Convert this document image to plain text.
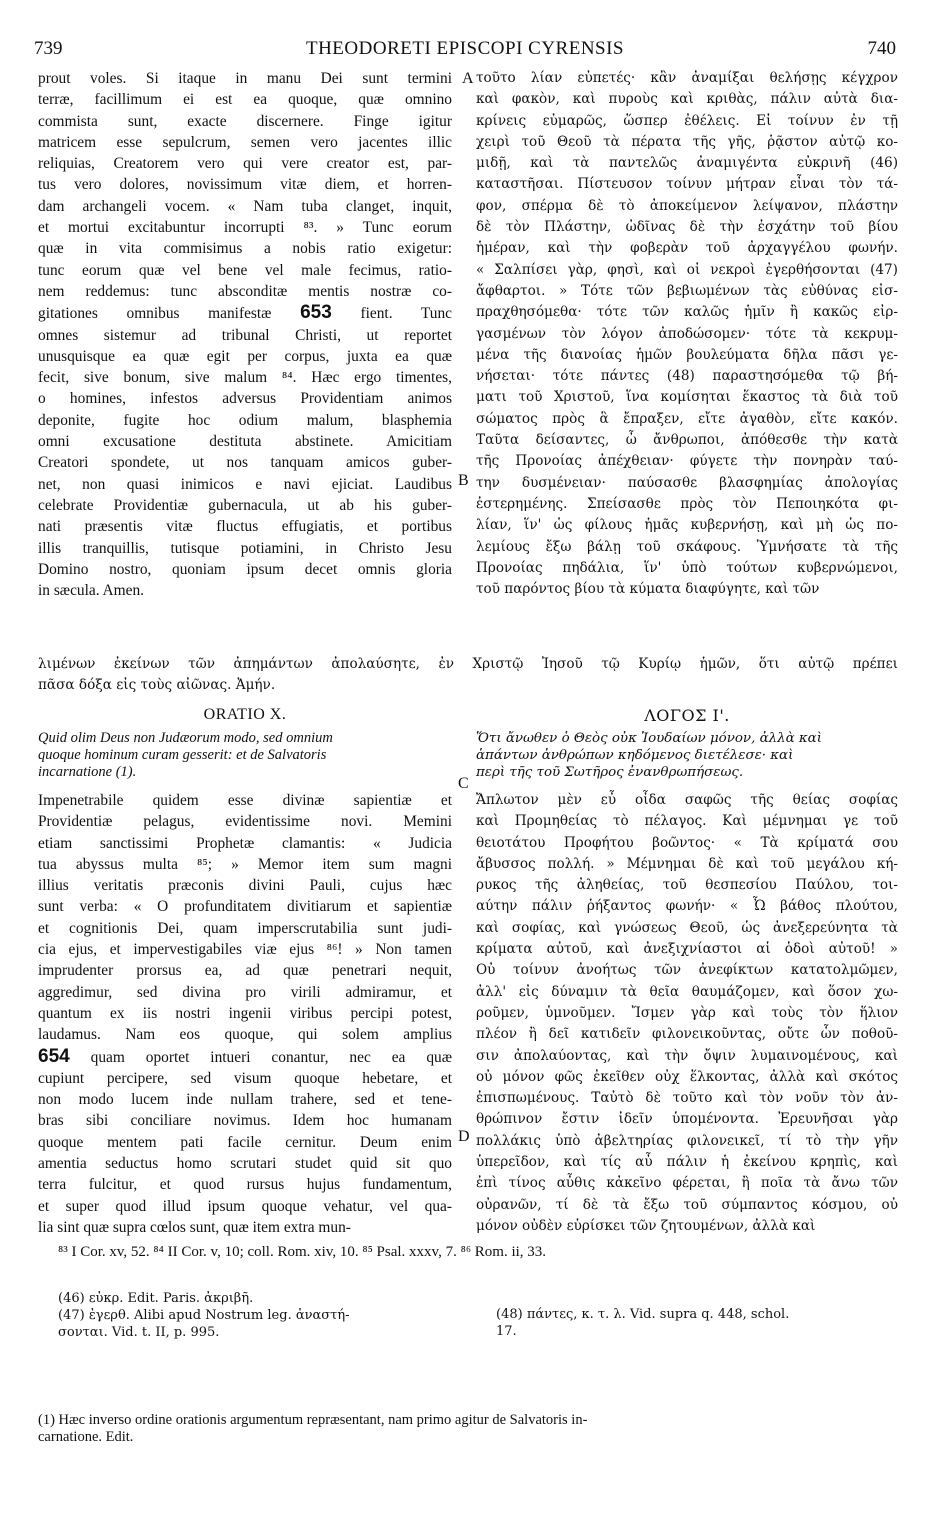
739	THEODORETI EPISCOPI CYRENSIS	740
A
B
C
D
prout voles. Si itaque in manu Dei sunt termini
terræ, facillimum ei est ea quoque, quæ omnino
commista sunt, exacte discernere. Finge igitur
matricem esse sepulcrum, semen vero jacentes illic
reliquias, Creatorem vero qui vere creator est, par-
tus vero dolores, novissimum vitæ diem, et horren-
dam archangeli vocem. « Nam tuba clanget, inquit,
et mortui excitabuntur incorrupti ⁸³. » Tunc eorum
quæ in vita commisimus a nobis ratio exigetur:
tunc eorum quæ vel bene vel male fecimus, ratio-
nem reddemus: tunc absconditæ mentis nostræ co-
gitationes omnibus manifestæ 653 fient. Tunc
omnes sistemur ad tribunal Christi, ut reportet
unusquisque ea quæ egit per corpus, juxta ea quæ
fecit, sive bonum, sive malum ⁸⁴. Hæc ergo timentes,
o homines, infestos adversus Providentiam animos
deponite, fugite hoc odium malum, blasphemia
omni excusatione destituta abstinete. Amicitiam
Creatori spondete, ut nos tanquam amicos guber-
net, non quasi inimicos e navi ejiciat. Laudibus
celebrate Providentiæ gubernacula, ut ab his guber-
nati præsentis vitæ fluctus effugiatis, et portibus
illis tranquillis, tutisque potiamini, in Christo Jesu
Domino nostro, quoniam ipsum decet omnis gloria
in sæcula. Amen.
τοῦτο λίαν εὐπετές· κἂν ἀναμίξαι θελήσῃς κέγχρον
καὶ φακὸν, καὶ πυροὺς καὶ κριθὰς, πάλιν αὐτὰ δια-
κρίνεις εὐμαρῶς, ὥσπερ ἐθέλεις. Εἰ τοίνυν ἐν τῇ
χειρὶ τοῦ Θεοῦ τὰ πέρατα τῆς γῆς, ῥᾷστον αὐτῷ κο-
μιδῇ, καὶ τὰ παντελῶς ἀναμιγέντα εὐκρινῆ (46)
καταστῆσαι. Πίστευσον τοίνυν μήτραν εἶναι τὸν τά-
φον, σπέρμα δὲ τὸ ἀποκείμενον λείψανον, πλάστην
δὲ τὸν Πλάστην, ὠδῖνας δὲ τὴν ἐσχάτην τοῦ βίου
ἡμέραν, καὶ τὴν φοβερὰν τοῦ ἀρχαγγέλου φωνήν.
« Σαλπίσει γὰρ, φησὶ, καὶ οἱ νεκροὶ ἐγερθήσονται (47)
ἄφθαρτοι. » Τότε τῶν βεβιωμένων τὰς εὐθύνας εἰσ-
πραχθησόμεθα· τότε τῶν καλῶς ἡμῖν ἢ κακῶς εἰρ-
γασμένων τὸν λόγον ἀποδώσομεν· τότε τὰ κεκρυμ-
μένα τῆς διανοίας ἡμῶν βουλεύματα δῆλα πᾶσι γε-
νήσεται· τότε πάντες (48) παραστησόμεθα τῷ βή-
ματι τοῦ Χριστοῦ, ἵνα κομίσηται ἕκαστος τὰ διὰ τοῦ
σώματος πρὸς ἃ ἔπραξεν, εἴτε ἀγαθὸν, εἴτε κακόν.
Ταῦτα δείσαντες, ὦ ἄνθρωποι, ἀπόθεσθε τὴν κατὰ
τῆς Προνοίας ἀπέχθειαν· φύγετε τὴν πονηρὰν ταύ-
την δυσμένειαν· παύσασθε βλασφημίας ἀπολογίας
ἐστερημένης. Σπείσασθε πρὸς τὸν Πεποιηκότα φι-
λίαν, ἵν' ὡς φίλους ἡμᾶς κυβερνήσῃ, καὶ μὴ ὡς πο-
λεμίους ἔξω βάλῃ τοῦ σκάφους. Ὑμνήσατε τὰ τῆς
Προνοίας πηδάλια, ἵν' ὑπὸ τούτων κυβερνώμενοι,
τοῦ παρόντος βίου τὰ κύματα διαφύγητε, καὶ τῶν
λιμένων ἐκείνων τῶν ἀπημάντων ἀπολαύσητε, ἐν Χριστῷ Ἰησοῦ τῷ Κυρίῳ ἡμῶν, ὅτι αὐτῷ πρέπει
πᾶσα δόξα εἰς τοὺς αἰῶνας. Ἀμήν.
ORATIO X.	ΛΟΓΟΣ Ι'.
Quid olim Deus non Judæorum modo, sed omnium
quoque hominum curam gesserit: et de Salvatoris
incarnatione (1).
Ὅτι ἄνωθεν ὁ Θεὸς οὐκ Ἰουδαίων μόνον, ἀλλὰ καὶ
ἁπάντων ἀνθρώπων κηδόμενος διετέλεσε· καὶ
περὶ τῆς τοῦ Σωτῆρος ἐνανθρωπήσεως.
Impenetrabile quidem esse divinæ sapientiæ et
Providentiæ pelagus, evidentissime novi. Memini
etiam sanctissimi Prophetæ clamantis: « Judicia
tua abyssus multa ⁸⁵; » Memor item sum magni
illius veritatis præconis divini Pauli, cujus hæc
sunt verba: « O profunditatem divitiarum et sapientiæ
et cognitionis Dei, quam imperscrutabilia sunt judi-
cia ejus, et impervestigabiles viæ ejus ⁸⁶! » Non tamen
imprudenter prorsus ea, ad quæ penetrari nequit,
aggredimur, sed divina pro virili admiramur, et
quantum ex iis nostri ingenii viribus percipi potest,
laudamus. Nam eos quoque, qui solem amplius
654 quam oportet intueri conantur, nec ea quæ
cupiunt percipere, sed visum quoque hebetare, et
non modo lucem inde nullam trahere, sed et tene-
bras sibi conciliare novimus. Idem hoc humanam
quoque mentem pati facile cernitur. Deum enim
amentia seductus homo scrutari studet quid sit quo
terra fulcitur, et quod rursus hujus fundamentum,
et super quod illud ipsum quoque vehatur, vel qua-
lia sint quæ supra cœlos sunt, quæ item extra mun-
Ἄπλωτον μὲν εὖ οἶδα σαφῶς τῆς θείας σοφίας
καὶ Προμηθείας τὸ πέλαγος. Καὶ μέμνημαι γε τοῦ
θειοτάτου Προφήτου βοῶντος· « Τὰ κρίματά σου
ἄβυσσος πολλή. » Μέμνημαι δὲ καὶ τοῦ μεγάλου κή-
ρυκος τῆς ἀληθείας, τοῦ θεσπεσίου Παύλου, τοι-
αύτην πάλιν ῥήξαντος φωνήν· « Ὦ βάθος πλούτου,
καὶ σοφίας, καὶ γνώσεως Θεοῦ, ὡς ἀνεξερεύνητα τὰ
κρίματα αὐτοῦ, καὶ ἀνεξιχνίαστοι αἱ ὁδοὶ αὐτοῦ! »
Οὐ τοίνυν ἀνοήτως τῶν ἀνεφίκτων κατατολμῶμεν,
ἀλλ' εἰς δύναμιν τὰ θεῖα θαυμάζομεν, καὶ ὅσον χω-
ροῦμεν, ὑμνοῦμεν. Ἴσμεν γὰρ καὶ τοὺς τὸν ἥλιον
πλέον ἢ δεῖ κατιδεῖν φιλονεικοῦντας, οὔτε ὧν ποθοῦ-
σιν ἀπολαύοντας, καὶ τὴν ὄψιν λυμαινομένους, καὶ
οὐ μόνον φῶς ἐκεῖθεν οὐχ ἕλκοντας, ἀλλὰ καὶ σκότος
ἐπισπωμένους. Ταὐτὸ δὲ τοῦτο καὶ τὸν νοῦν τὸν ἀν-
θρώπινον ἔστιν ἰδεῖν ὑπομένοντα. Ἐρευνῆσαι γὰρ
πολλάκις ὑπὸ ἀβελτηρίας φιλονεικεῖ, τί τὸ τὴν γῆν
ὑπερεῖδον, καὶ τίς αὖ πάλιν ἡ ἐκείνου κρηπὶς, καὶ
ἐπὶ τίνος αὖθις κἀκεῖνο φέρεται, ἢ ποῖα τὰ ἄνω τῶν
οὐρανῶν, τί δὲ τὰ ἔξω τοῦ σύμπαντος κόσμου, οὐ
μόνον οὐδὲν εὑρίσκει τῶν ζητουμένων, ἀλλὰ καὶ
⁸³ I Cor. xv, 52. ⁸⁴ II Cor. v, 10; coll. Rom. xiv, 10. ⁸⁵ Psal. xxxv, 7. ⁸⁶ Rom. ii, 33.
(46) εὐκρ. Edit. Paris. ἀκριβῆ.
(47) ἐγερθ. Alibi apud Nostrum leg. ἀναστή-
σονται. Vid. t. II, p. 995.
(48) πάντες, κ. τ. λ. Vid. supra q. 448, schol.
17.
(1) Hæc inverso ordine orationis argumentum repræsentant, nam primo agitur de Salvatoris in-
carnatione. Edit.
